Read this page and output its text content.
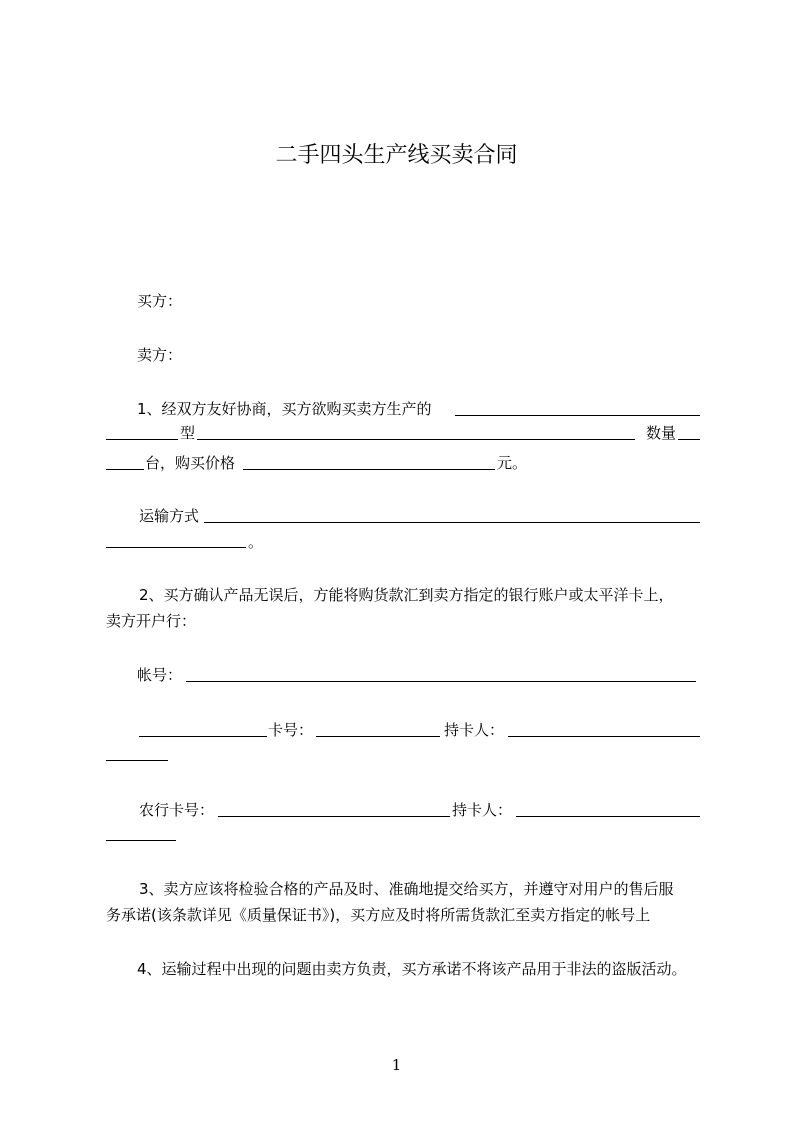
二手四头生产线买卖合同
买方：
卖方：
1、经双方友好协商，买方欲购买卖方生产的
型	数量
台，购买价格	元。
运输方式
。
2、买方确认产品无误后，方能将购货款汇到卖方指定的银行账户或太平洋卡上，
卖方开户行：
帐号：
卡号：	持卡人：
农行卡号：	持卡人：
3、卖方应该将检验合格的产品及时、准确地提交给买方，并遵守对用户的售后服
务承诺(该条款详见《质量保证书》)，买方应及时将所需货款汇至卖方指定的帐号上
4、运输过程中出现的问题由卖方负责，买方承诺不将该产品用于非法的盗版活动。
1
